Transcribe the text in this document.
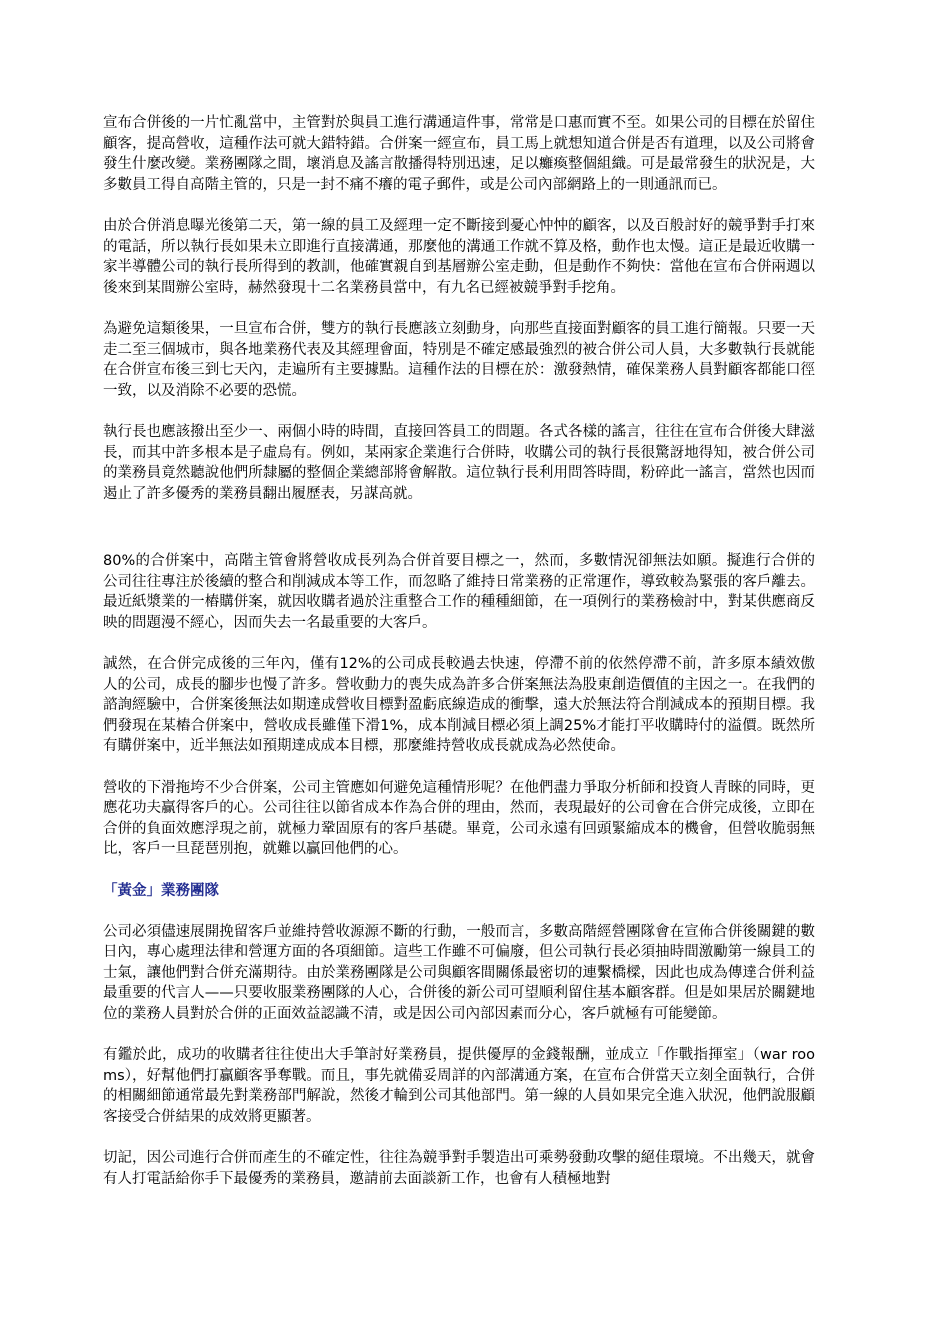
宣布合併後的一片忙亂當中，主管對於與員工進行溝通這件事，常常是口惠而實不至。如果公司的目標在於留住顧客，提高營收，這種作法可就大錯特錯。合併案一經宣布，員工馬上就想知道合併是否有道理，以及公司將會發生什麼改變。業務團隊之間，壞消息及謠言散播得特別迅速，足以癱瘓整個組織。可是最常發生的狀況是，大多數員工得自高階主管的，只是一封不痛不癢的電子郵件，或是公司內部網路上的一則通訊而已。

由於合併消息曝光後第二天，第一線的員工及經理一定不斷接到憂心忡忡的顧客，以及百般討好的競爭對手打來的電話，所以執行長如果未立即進行直接溝通，那麼他的溝通工作就不算及格，動作也太慢。這正是最近收購一家半導體公司的執行長所得到的教訓，他確實親自到基層辦公室走動，但是動作不夠快：當他在宣布合併兩週以後來到某間辦公室時，赫然發現十二名業務員當中，有九名已經被競爭對手挖角。

為避免這類後果，一旦宣布合併，雙方的執行長應該立刻動身，向那些直接面對顧客的員工進行簡報。只要一天走二至三個城市，與各地業務代表及其經理會面，特別是不確定感最強烈的被合併公司人員，大多數執行長就能在合併宣布後三到七天內，走遍所有主要據點。這種作法的目標在於：激發熱情，確保業務人員對顧客都能口徑一致，以及消除不必要的恐慌。

執行長也應該撥出至少一、兩個小時的時間，直接回答員工的問題。各式各樣的謠言，往往在宣布合併後大肆滋長，而其中許多根本是子虛烏有。例如，某兩家企業進行合併時，收購公司的執行長很驚訝地得知，被合併公司的業務員竟然聽說他們所隸屬的整個企業總部將會解散。這位執行長利用問答時間，粉碎此一謠言，當然也因而遏止了許多優秀的業務員翻出履歷表，另謀高就。

80%的合併案中，高階主管會將營收成長列為合併首要目標之一，然而，多數情況卻無法如願。擬進行合併的公司往往專注於後續的整合和削減成本等工作，而忽略了維持日常業務的正常運作，導致較為緊張的客戶離去。最近紙漿業的一樁購併案，就因收購者過於注重整合工作的種種細節，在一項例行的業務檢討中，對某供應商反映的問題漫不經心，因而失去一名最重要的大客戶。

誠然，在合併完成後的三年內，僅有12%的公司成長較過去快速，停滯不前的依然停滯不前，許多原本績效傲人的公司，成長的腳步也慢了許多。營收動力的喪失成為許多合併案無法為股東創造價值的主因之一。在我們的諮詢經驗中，合併案後無法如期達成營收目標對盈虧底線造成的衝擊，遠大於無法符合削減成本的預期目標。我們發現在某樁合併案中，營收成長雖僅下滑1%，成本削減目標必須上調25%才能打平收購時付的溢價。既然所有購併案中，近半無法如預期達成成本目標，那麼維持營收成長就成為必然使命。

營收的下滑拖垮不少合併案，公司主管應如何避免這種情形呢？在他們盡力爭取分析師和投資人青睞的同時，更應花功夫贏得客戶的心。公司往往以節省成本作為合併的理由，然而，表現最好的公司會在合併完成後，立即在合併的負面效應浮現之前，就極力鞏固原有的客戶基礎。畢竟，公司永遠有回頭緊縮成本的機會，但營收脆弱無比，客戶一旦琵琶別抱，就難以贏回他們的心。

「黃金」業務團隊

公司必須儘速展開挽留客戶並維持營收源源不斷的行動，一般而言，多數高階經營團隊會在宣佈合併後關鍵的數日內，專心處理法律和營運方面的各項細節。這些工作雖不可偏廢，但公司執行長必須抽時間激勵第一線員工的士氣，讓他們對合併充滿期待。由於業務團隊是公司與顧客間關係最密切的連繫橋樑，因此也成為傳達合併利益最重要的代言人——只要收服業務團隊的人心，合併後的新公司可望順利留住基本顧客群。但是如果居於關鍵地位的業務人員對於合併的正面效益認識不清，或是因公司內部因素而分心，客戶就極有可能變節。

有鑑於此，成功的收購者往往使出大手筆討好業務員，提供優厚的金錢報酬，並成立「作戰指揮室」（war rooms），好幫他們打贏顧客爭奪戰。而且，事先就備妥周詳的內部溝通方案，在宣布合併當天立刻全面執行，合併的相關細節通常最先對業務部門解說，然後才輪到公司其他部門。第一線的人員如果完全進入狀況，他們說服顧客接受合併結果的成效將更顯著。

切記，因公司進行合併而產生的不確定性，往往為競爭對手製造出可乘勢發動攻擊的絕佳環境。不出幾天，就會有人打電話給你手下最優秀的業務員，邀請前去面談新工作，也會有人積極地對
